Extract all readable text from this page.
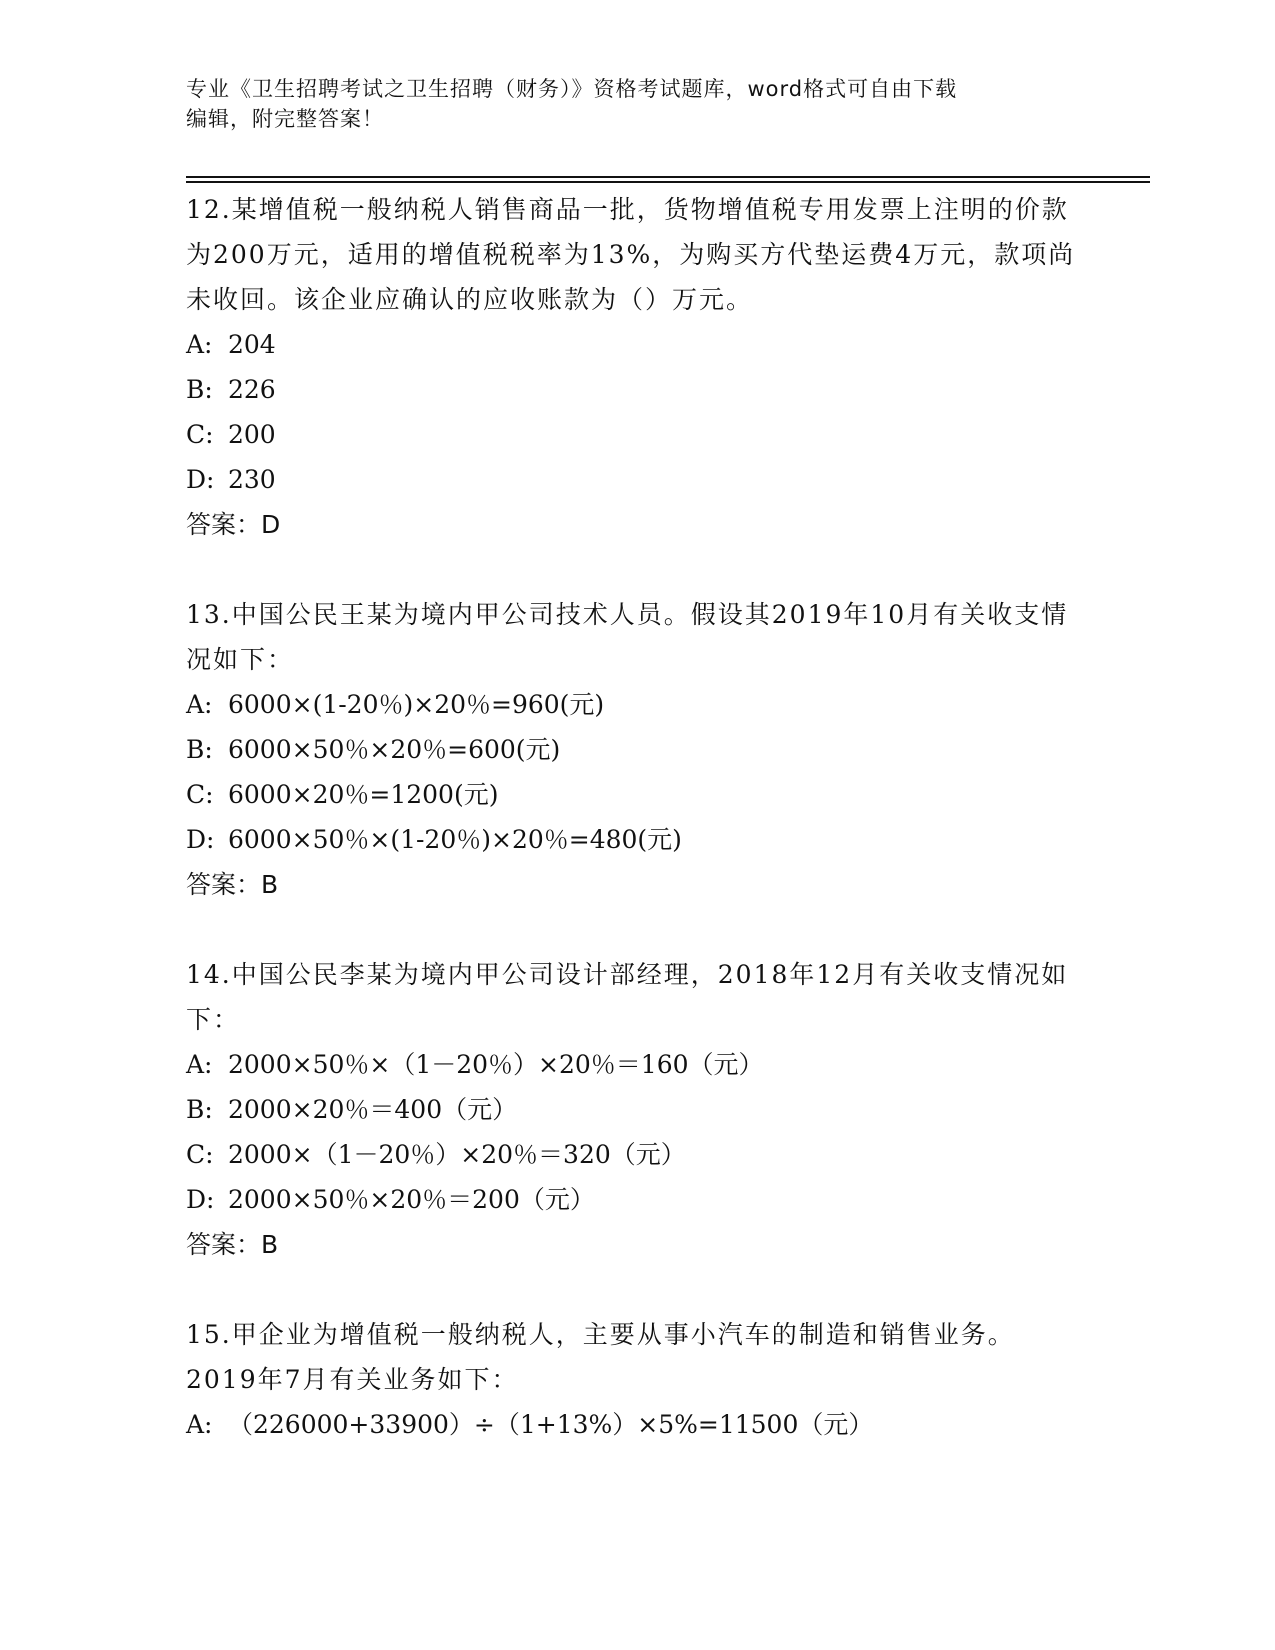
专业《卫生招聘考试之卫生招聘（财务）》资格考试题库，word格式可自由下载
编辑，附完整答案！

12.某增值税一般纳税人销售商品一批，货物增值税专用发票上注明的价款为200万元，适用的增值税税率为13%，为购买方代垫运费4万元，款项尚未收回。该企业应确认的应收账款为（）万元。

A: 204

B: 226

C: 200

D: 230

答案：D

13.中国公民王某为境内甲公司技术人员。假设其2019年10月有关收支情况如下：

A: 6000×(1-20％)×20％=960(元)

B: 6000×50％×20％=600(元)

C: 6000×20％=1200(元)

D: 6000×50％×(1-20％)×20％=480(元)

答案：B

14.中国公民李某为境内甲公司设计部经理，2018年12月有关收支情况如下：

A: 2000×50％×（1－20％）×20％＝160（元）

B: 2000×20％＝400（元）

C: 2000×（1－20％）×20％＝320（元）

D: 2000×50％×20％＝200（元）

答案：B

15.甲企业为增值税一般纳税人，主要从事小汽车的制造和销售业务。2019年7月有关业务如下：

A: （226000+33900）÷（1+13%）×5%=11500（元）
